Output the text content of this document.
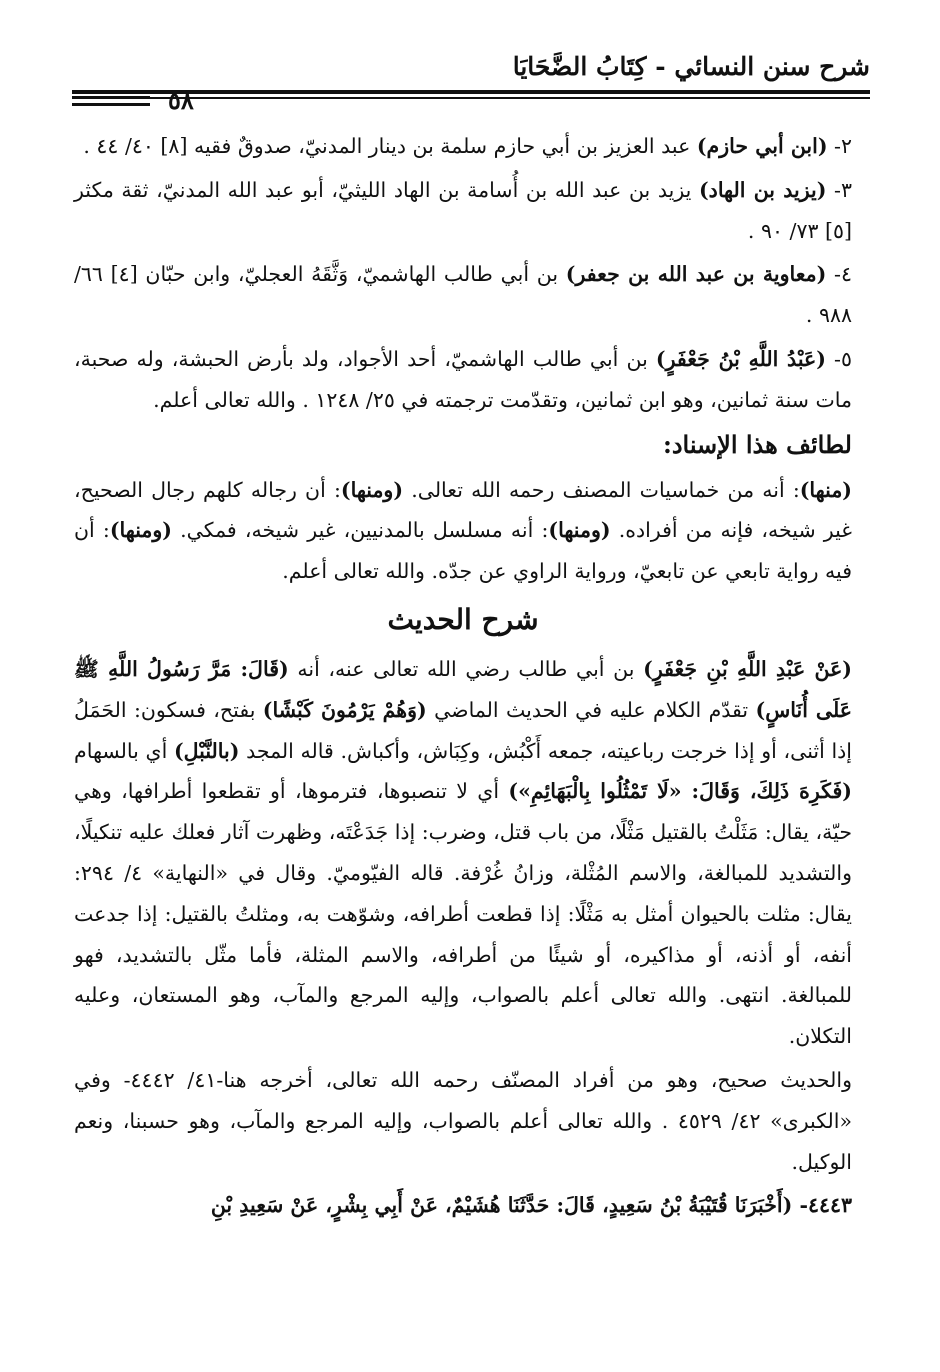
شرح سنن النسائي - كِتَابُ الضَّحَايَا
٥٨

٢- (ابن أبي حازم) عبد العزيز بن أبي حازم سلمة بن دينار المدنيّ، صدوقٌ فقيه [٨] ٤٠/ ٤٤ .

٣- (يزيد بن الهاد) يزيد بن عبد الله بن أُسامة بن الهاد الليثيّ، أبو عبد الله المدنيّ، ثقة مكثر [٥] ٧٣/ ٩٠ .

٤- (معاوية بن عبد الله بن جعفر) بن أبي طالب الهاشميّ، وَثَّقَهُ العجليّ، وابن حبّان [٤] ٦٦/ ٩٨٨ .

٥- (عَبْدُ اللَّهِ بْنُ جَعْفَرٍ) بن أبي طالب الهاشميّ، أحد الأجواد، ولد بأرض الحبشة، وله صحبة، مات سنة ثمانين، وهو ابن ثمانين، وتقدّمت ترجمته في ٢٥/ ١٢٤٨ . والله تعالى أعلم.

لطائف هذا الإسناد:

(منها): أنه من خماسيات المصنف رحمه الله تعالى. (ومنها): أن رجاله كلهم رجال الصحيح، غير شيخه، فإنه من أفراده. (ومنها): أنه مسلسل بالمدنيين، غير شيخه، فمكي. (ومنها): أن فيه رواية تابعي عن تابعيّ، ورواية الراوي عن جدّه. والله تعالى أعلم.

شرح الحديث

(عَنْ عَبْدِ اللَّهِ بْنِ جَعْفَرٍ) بن أبي طالب رضي الله تعالى عنه، أنه (قَالَ: مَرَّ رَسُولُ اللَّهِ ﷺ عَلَى أُنَاسٍ) تقدّم الكلام عليه في الحديث الماضي (وَهُمْ يَرْمُونَ كَبْشًا) بفتح، فسكون: الحَمَلُ إذا أثنى، أو إذا خرجت رباعيته، جمعه أَكْبُش، وكِبَاش، وأكباش. قاله المجد (بالنَّبْلِ) أي بالسهام (فَكَرِهَ ذَلِكَ، وَقَالَ: «لَا تَمْثُلُوا بِالْبَهَائِمِ») أي لا تنصبوها، فترموها، أو تقطعوا أطرافها، وهي حيّة، يقال: مَثَلْتُ بالقتيل مَثْلًا، من باب قتل، وضرب: إذا جَدَعْتَه، وظهرت آثار فعلك عليه تنكيلًا، والتشديد للمبالغة، والاسم المُثْلة، وزانُ غُرْفة. قاله الفيّوميّ. وقال في «النهاية» ٤/ ٢٩٤: يقال: مثلت بالحيوان أمثل به مَثْلًا: إذا قطعت أطرافه، وشوّهت به، ومثلتُ بالقتيل: إذا جدعت أنفه، أو أذنه، أو مذاكيره، أو شيئًا من أطرافه، والاسم المثلة، فأما مثّل بالتشديد، فهو للمبالغة. انتهى. والله تعالى أعلم بالصواب، وإليه المرجع والمآب، وهو المستعان، وعليه التكلان.

والحديث صحيح، وهو من أفراد المصنّف رحمه الله تعالى، أخرجه هنا-٤١/ ٤٤٤٢- وفي «الكبرى» ٤٢/ ٤٥٢٩ . والله تعالى أعلم بالصواب، وإليه المرجع والمآب، وهو حسبنا، ونعم الوكيل.

٤٤٤٣- (أَخْبَرَنَا قُتَيْبَةُ بْنُ سَعِيدٍ، قَالَ: حَدَّثَنَا هُشَيْمٌ، عَنْ أَبِي بِشْرٍ، عَنْ سَعِيدِ بْنِ
